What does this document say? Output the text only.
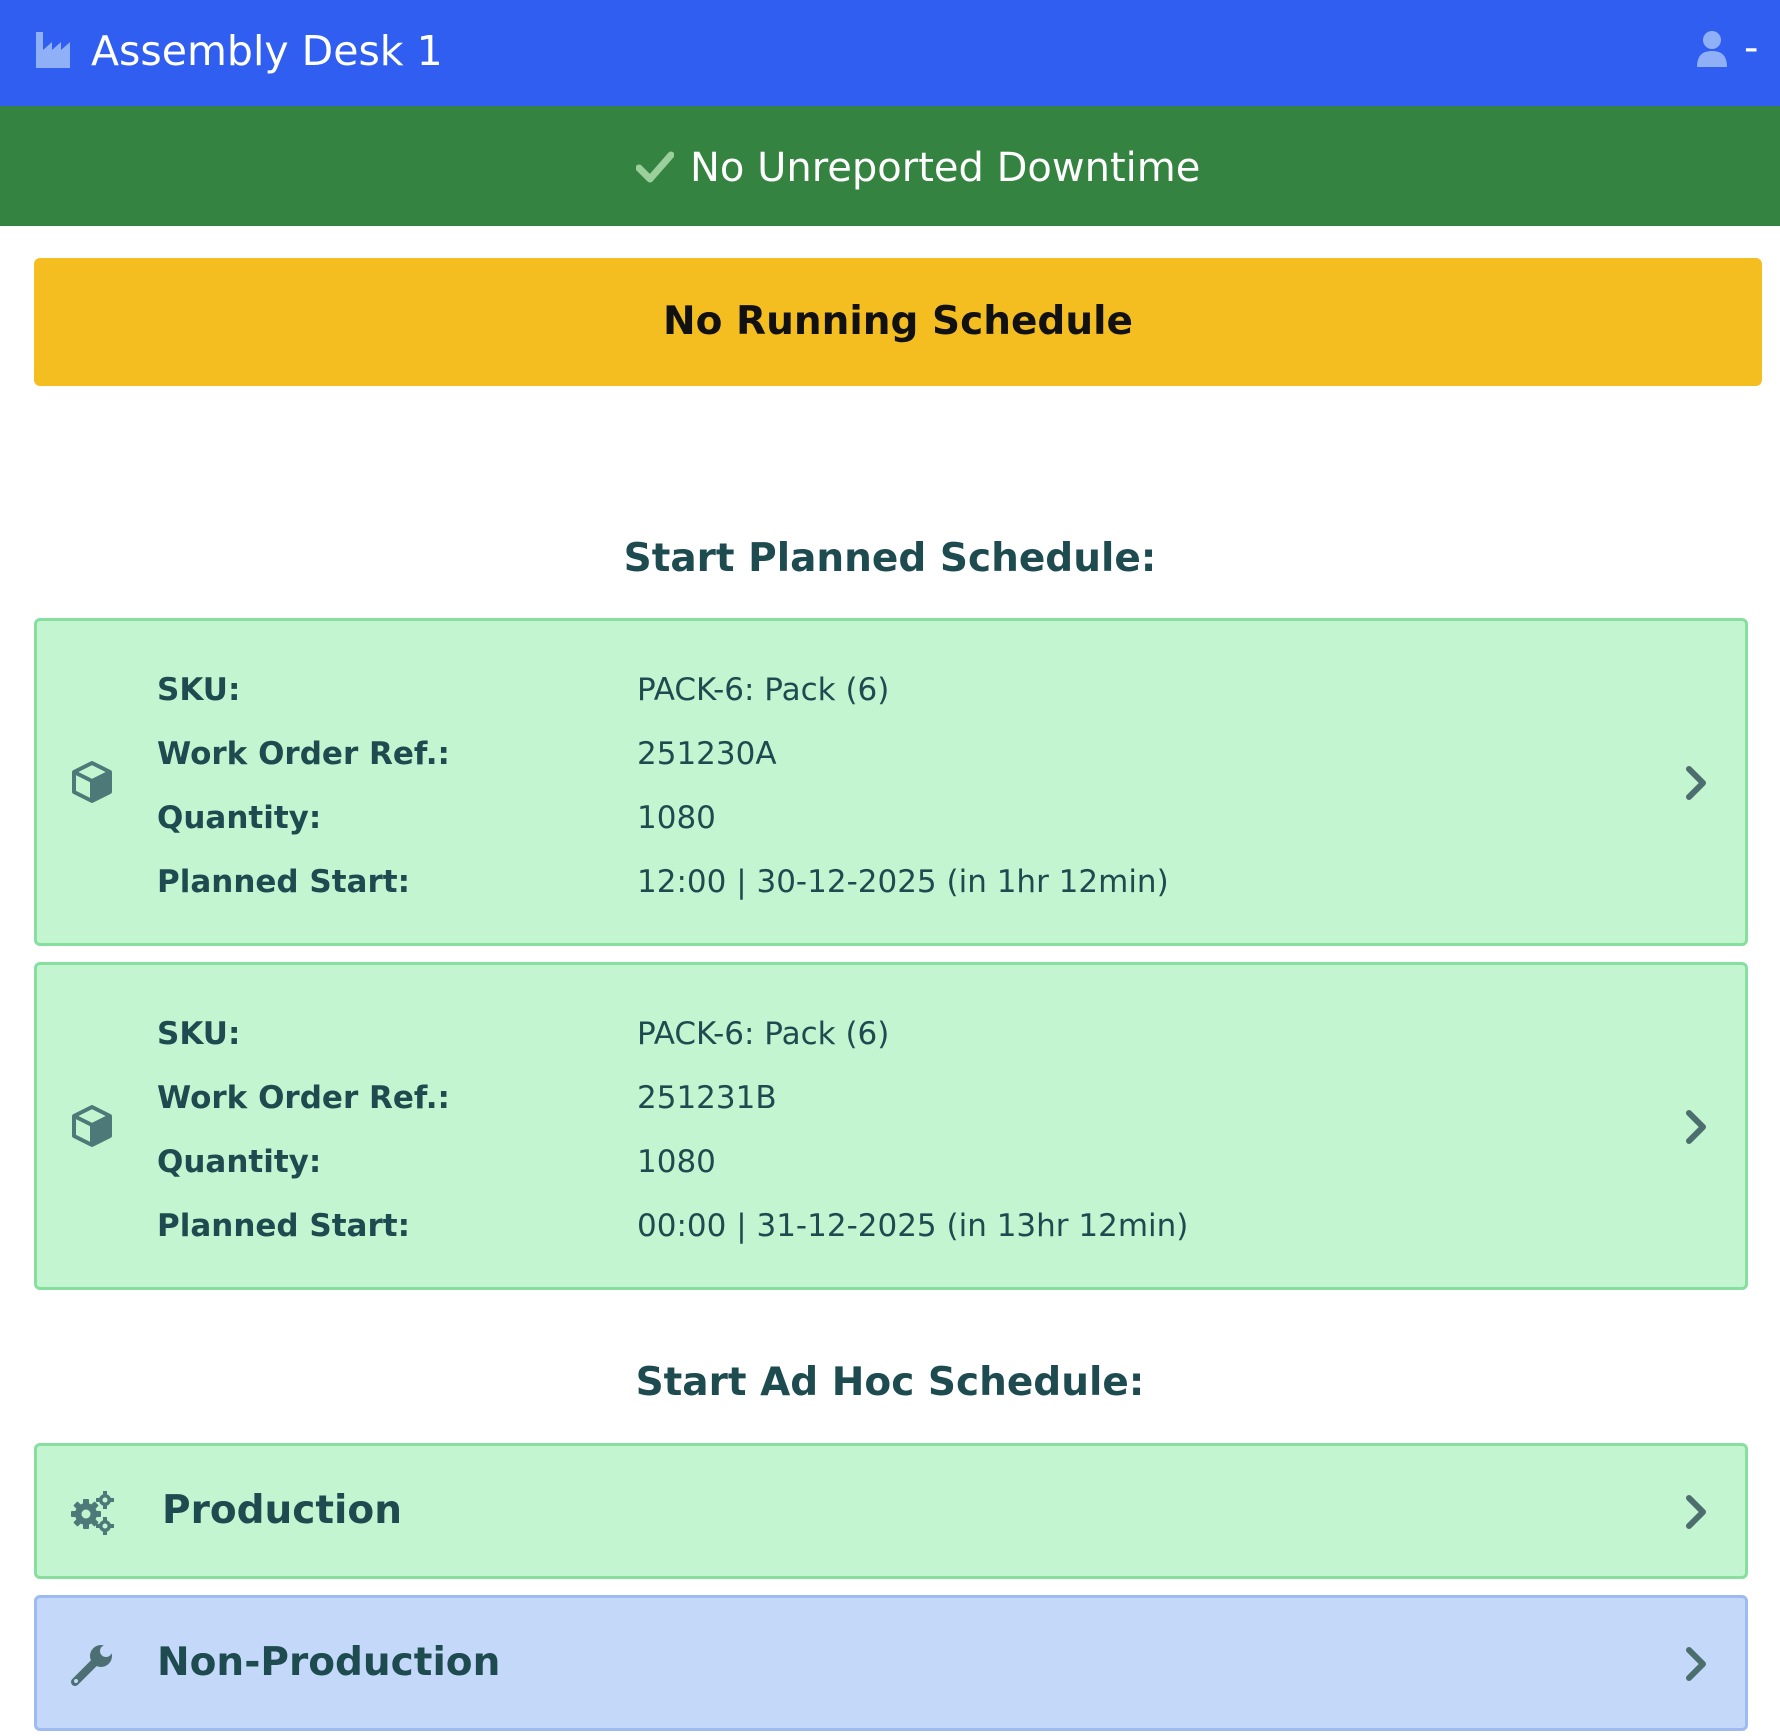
Assembly Desk 1	-
No Unreported Downtime
No Running Schedule
Start Planned Schedule:
SKU:	PACK-6: Pack (6)
Work Order Ref.:	251230A
Quantity:	1080
Planned Start:	12:00 | 30-12-2025 (in 1hr 12min)
SKU:	PACK-6: Pack (6)
Work Order Ref.:	251231B
Quantity:	1080
Planned Start:	00:00 | 31-12-2025 (in 13hr 12min)
Start Ad Hoc Schedule:
Production
Non-Production
